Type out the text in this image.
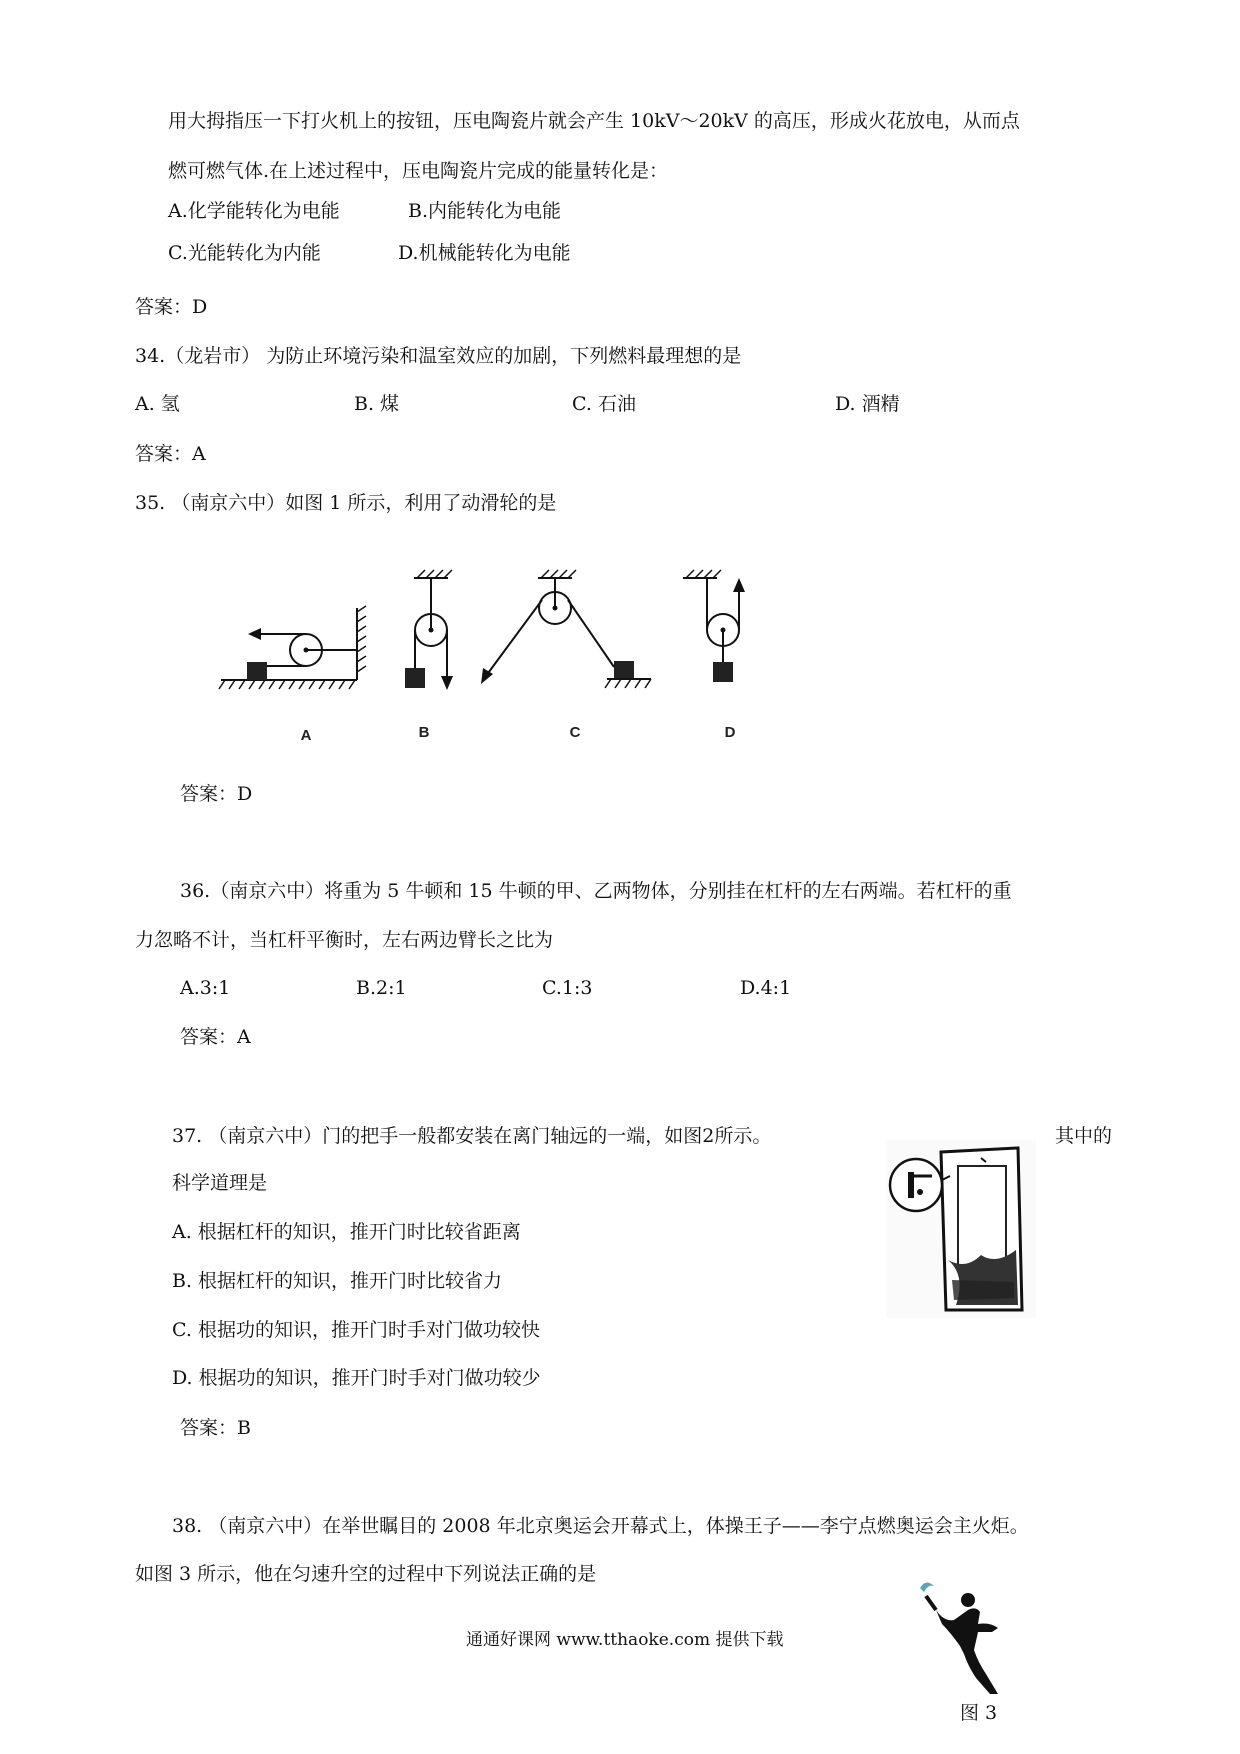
用大拇指压一下打火机上的按钮，压电陶瓷片就会产生 10kV～20kV 的高压，形成火花放电，从而点

燃可燃气体.在上述过程中，压电陶瓷片完成的能量转化是：

A.化学能转化为电能	B.内能转化为电能

C.光能转化为内能	D.机械能转化为电能

答案：D

34.（龙岩市） 为防止环境污染和温室效应的加剧，下列燃料最理想的是

A. 氢	B. 煤	C. 石油	D. 酒精

答案：A

35. （南京六中）如图 1 所示，利用了动滑轮的是

A	B	C	D

答案：D

36.（南京六中）将重为 5 牛顿和 15 牛顿的甲、乙两物体，分别挂在杠杆的左右两端。若杠杆的重

力忽略不计，当杠杆平衡时，左右两边臂长之比为

A.3:1	B.2:1	C.1:3	D.4:1

答案：A

37. （南京六中）门的把手一般都安装在离门轴远的一端，如图2所示。	其中的

科学道理是

A. 根据杠杆的知识，推开门时比较省距离

B. 根据杠杆的知识，推开门时比较省力

C. 根据功的知识，推开门时手对门做功较快

D. 根据功的知识，推开门时手对门做功较少

答案：B

38. （南京六中）在举世瞩目的 2008 年北京奥运会开幕式上，体操王子——李宁点燃奥运会主火炬。

如图 3 所示，他在匀速升空的过程中下列说法正确的是

图 3

通通好课网 www.tthaoke.com 提供下载
